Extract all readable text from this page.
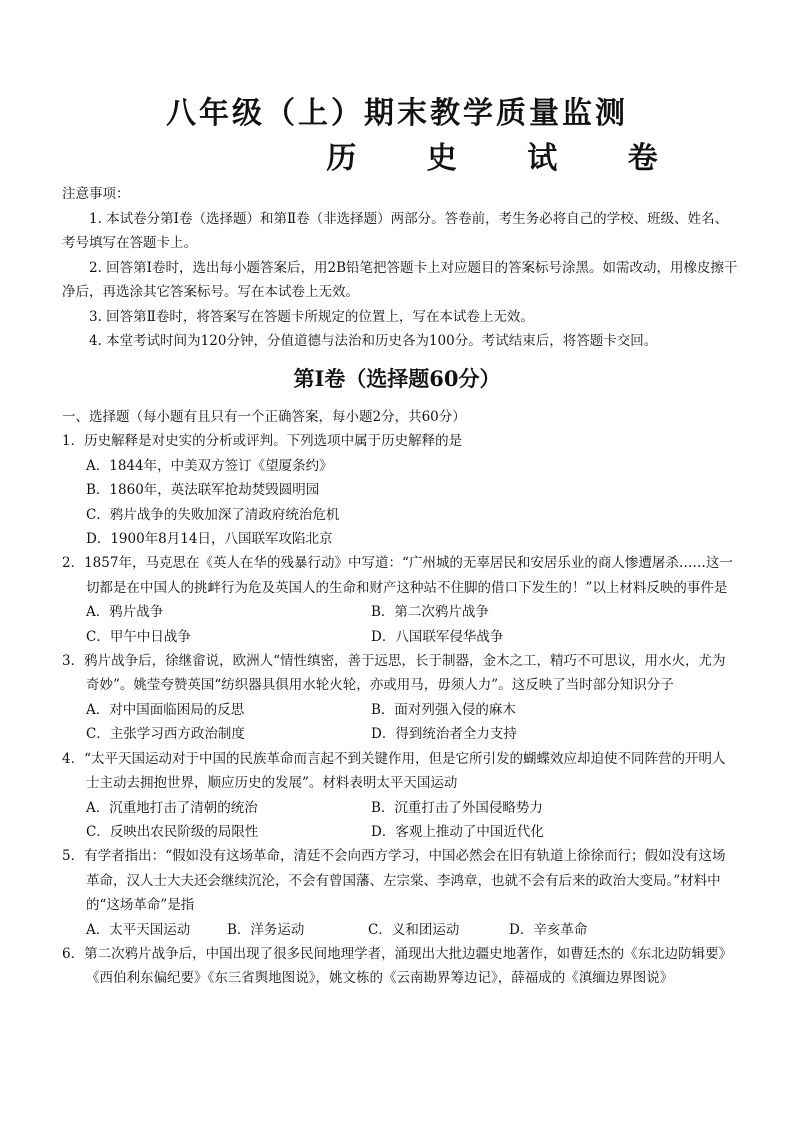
八年级（上）期末教学质量监测
历 史 试 卷
注意事项：
1. 本试卷分第Ⅰ卷（选择题）和第Ⅱ卷（非选择题）两部分。答卷前，考生务必将自己的学校、班级、姓名、考号填写在答题卡上。
2. 回答第Ⅰ卷时，选出每小题答案后，用2B铅笔把答题卡上对应题目的答案标号涂黑。如需改动，用橡皮擦干净后，再选涂其它答案标号。写在本试卷上无效。
3. 回答第Ⅱ卷时，将答案写在答题卡所规定的位置上，写在本试卷上无效。
4. 本堂考试时间为120分钟，分值道德与法治和历史各为100分。考试结束后，将答题卡交回。
第Ⅰ卷（选择题60分）
一、选择题（每小题有且只有一个正确答案，每小题2分，共60分）
1．历史解释是对史实的分析或评判。下列选项中属于历史解释的是
A．1844年，中美双方签订《望厦条约》
B．1860年，英法联军抢劫焚毁圆明园
C．鸦片战争的失败加深了清政府统治危机
D．1900年8月14日，八国联军攻陷北京
2．1857年，马克思在《英人在华的残暴行动》中写道：“广州城的无辜居民和安居乐业的商人惨遭屠杀……这一切都是在中国人的挑衅行为危及英国人的生命和财产这种站不住脚的借口下发生的！”以上材料反映的事件是
A．鸦片战争	B．第二次鸦片战争
C．甲午中日战争	D．八国联军侵华战争
3．鸦片战争后，徐继畲说，欧洲人“情性缜密，善于远思，长于制器，金木之工，精巧不可思议，用水火，尤为奇妙”。姚莹夸赞英国“纺织器具俱用水轮火轮，亦或用马，毋须人力”。这反映了当时部分知识分子
A．对中国面临困局的反思	B．面对列强入侵的麻木
C．主张学习西方政治制度	D．得到统治者全力支持
4．“太平天国运动对于中国的民族革命而言起不到关键作用，但是它所引发的蝴蝶效应却迫使不同阵营的开明人士主动去拥抱世界，顺应历史的发展”。材料表明太平天国运动
A．沉重地打击了清朝的统治	B．沉重打击了外国侵略势力
C．反映出农民阶级的局限性	D．客观上推动了中国近代化
5．有学者指出：“假如没有这场革命，清廷不会向西方学习，中国必然会在旧有轨道上徐徐而行；假如没有这场革命，汉人士大夫还会继续沉沦，不会有曾国藩、左宗棠、李鸿章，也就不会有后来的政治大变局。”材料中的“这场革命”是指
A．太平天国运动	B．洋务运动	C．义和团运动	D．辛亥革命
6．第二次鸦片战争后，中国出现了很多民间地理学者，涌现出大批边疆史地著作，如曹廷杰的《东北边防辑要》《西伯利东偏纪要》《东三省舆地图说》，姚文栋的《云南勘界筹边记》，薛福成的《滇缅边界图说》
